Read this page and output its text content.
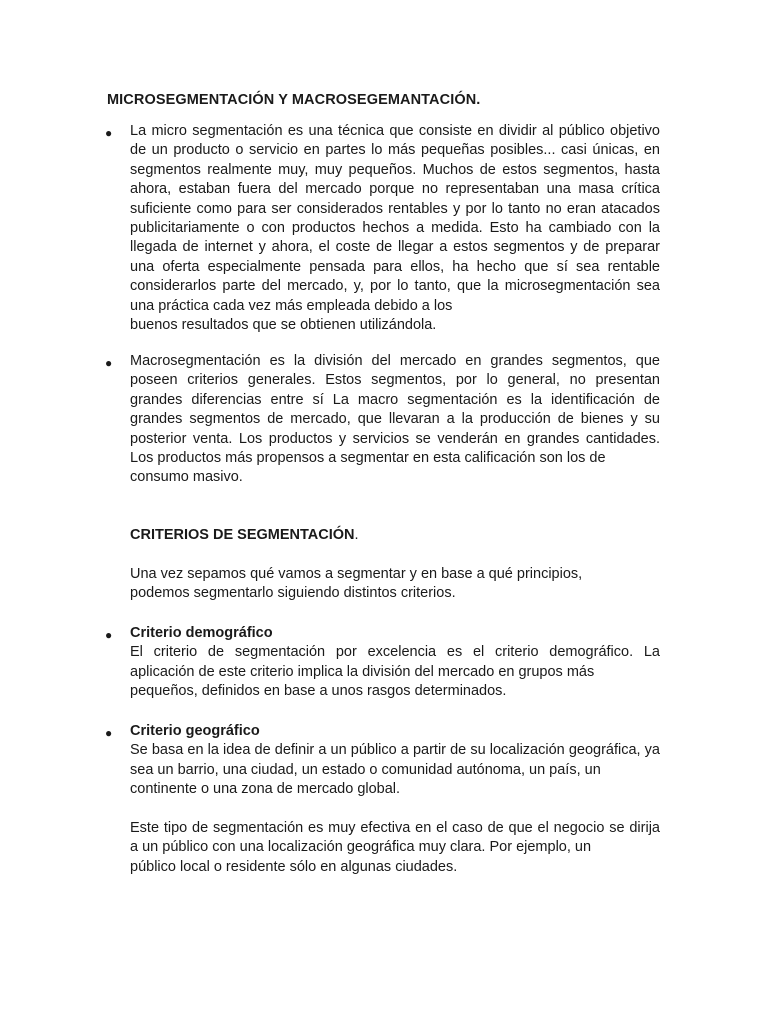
MICROSEGMENTACIÓN Y MACROSEGEMANTACIÓN.
● La micro segmentación es una técnica que consiste en dividir al público objetivo de un producto o servicio en partes lo más pequeñas posibles... casi únicas, en segmentos realmente muy, muy pequeños. Muchos de estos segmentos, hasta ahora, estaban fuera del mercado porque no representaban una masa crítica suficiente como para ser considerados rentables y por lo tanto no eran atacados publicitariamente o con productos hechos a medida. Esto ha cambiado con la llegada de internet y ahora, el coste de llegar a estos segmentos y de preparar una oferta especialmente pensada para ellos, ha hecho que sí sea rentable considerarlos parte del mercado, y, por lo tanto, que la microsegmentación sea una práctica cada vez más empleada debido a los
buenos resultados que se obtienen utilizándola.

● Macrosegmentación es la división del mercado en grandes segmentos, que poseen criterios generales. Estos segmentos, por lo general, no presentan grandes diferencias entre sí La macro segmentación es la identificación de grandes segmentos de mercado, que llevaran a la producción de bienes y su posterior venta. Los productos y servicios se venderán en grandes cantidades. Los productos más propensos a segmentar en esta calificación son los de
consumo masivo.

CRITERIOS DE SEGMENTACIÓN.

Una vez sepamos qué vamos a segmentar y en base a qué principios,
podemos segmentarlo siguiendo distintos criterios.

● Criterio demográfico
El criterio de segmentación por excelencia es el criterio demográfico. La aplicación de este criterio implica la división del mercado en grupos más
pequeños, definidos en base a unos rasgos determinados.

● Criterio geográfico
Se basa en la idea de definir a un público a partir de su localización geográfica, ya sea un barrio, una ciudad, un estado o comunidad autónoma, un país, un
continente o una zona de mercado global.

Este tipo de segmentación es muy efectiva en el caso de que el negocio se dirija a un público con una localización geográfica muy clara. Por ejemplo, un
público local o residente sólo en algunas ciudades.
